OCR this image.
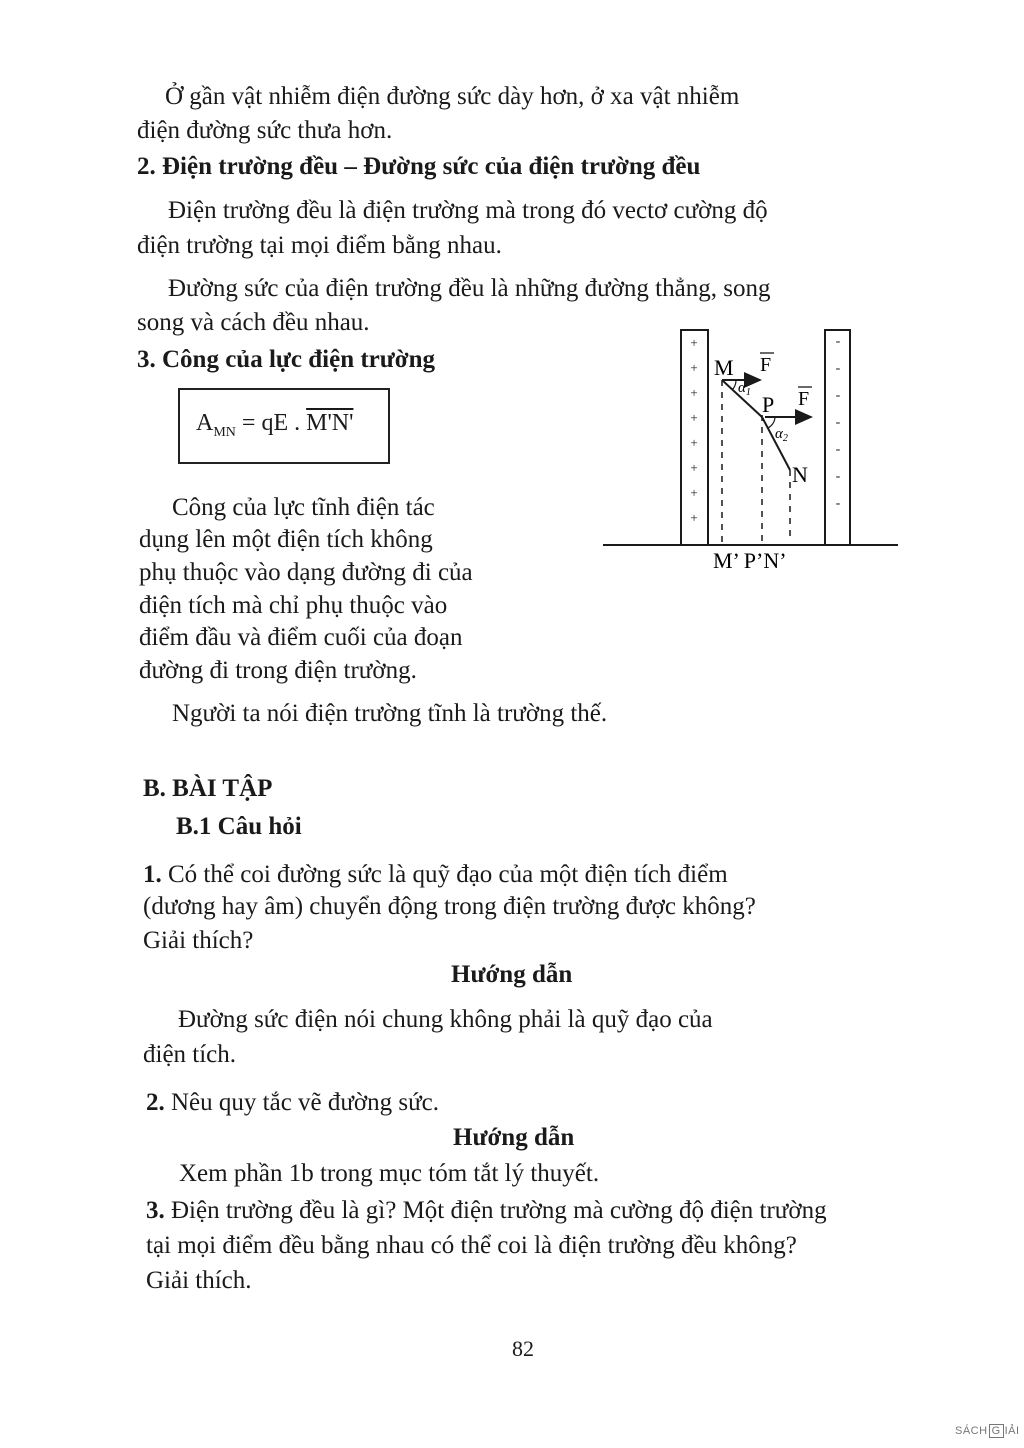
Ở gần vật nhiễm điện đường sức dày hơn, ở xa vật nhiễm
điện đường sức thưa hơn.
2. Điện trường đều – Đường sức của điện trường đều
Điện trường đều là điện trường mà trong đó vectơ cường độ
điện trường tại mọi điểm bằng nhau.
Đường sức của điện trường đều là những đường thẳng, song
song và cách đều nhau.
3. Công của lực điện trường
$A_{MN}$ = qE . M'N'
Công của lực tĩnh điện tác
dụng lên một điện tích không
phụ thuộc vào dạng đường đi của
điện tích mà chỉ phụ thuộc vào
điểm đầu và điểm cuối của đoạn
đường đi trong điện trường.
Người ta nói điện trường tĩnh là trường thế.
+
+
+
+
+
+
+
+
-
-
-
-
-
-
-
M F
$\alpha_1$ P F
$\alpha_2$
N
M’ P’N’
B. BÀI TẬP
B.1 Câu hỏi
1. Có thể coi đường sức là quỹ đạo của một điện tích điểm
(dương hay âm) chuyển động trong điện trường được không?
Giải thích?
Hướng dẫn
Đường sức điện nói chung không phải là quỹ đạo của
điện tích.
2. Nêu quy tắc vẽ đường sức.
Hướng dẫn
Xem phần 1b trong mục tóm tắt lý thuyết.
3. Điện trường đều là gì? Một điện trường mà cường độ điện trường
tại mọi điểm đều bằng nhau có thể coi là điện trường đều không?
Giải thích.
82
SÁCH G IẢI
